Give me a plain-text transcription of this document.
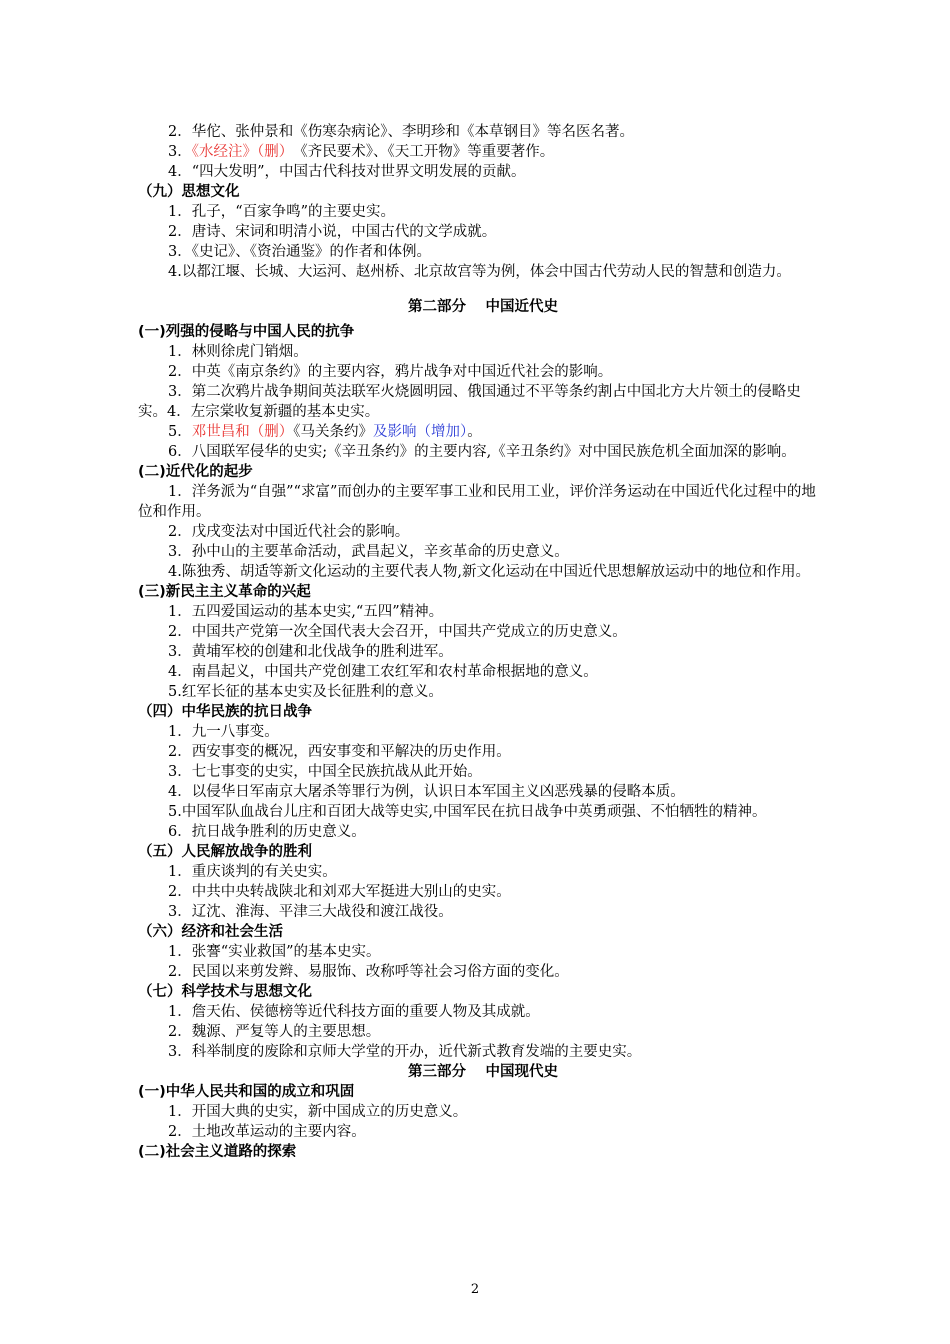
2．华佗、张仲景和《伤寒杂病论》、李明珍和《本草钢目》等名医名著。
3．《水经注》（删）　《齐民要术》、《天工开物》等重要著作。
4．“四大发明”，中国古代科技对世界文明发展的贡献。
（九）思想文化
1．孔子，“百家争鸣”的主要史实。
2．唐诗、宋词和明清小说，中国古代的文学成就。
3．《史记》、《资治通鉴》的作者和体例。
4.以都江堰、长城、大运河、赵州桥、北京故宫等为例，体会中国古代劳动人民的智慧和创造力。
第二部分　 中国近代史
(一)列强的侵略与中国人民的抗争
1．林则徐虎门销烟。
2．中英《南京条约》的主要内容，鸦片战争对中国近代社会的影响。
3．第二次鸦片战争期间英法联军火烧圆明园、俄国通过不平等条约割占中国北方大片领土的侵略史实。4．左宗棠收复新疆的基本史实。
5．邓世昌和（删）《马关条约》及影响（增加）。
6．八国联军侵华的史实;《辛丑条约》的主要内容,《辛丑条约》对中国民族危机全面加深的影响。
(二)近代化的起步
1．洋务派为“自强”“求富”而创办的主要军事工业和民用工业，评价洋务运动在中国近代化过程中的地位和作用。
2．戊戌变法对中国近代社会的影响。
3．孙中山的主要革命活动，武昌起义，辛亥革命的历史意义。
4.陈独秀、胡适等新文化运动的主要代表人物,新文化运动在中国近代思想解放运动中的地位和作用。
(三)新民主主义革命的兴起
1．五四爱国运动的基本史实,“五四”精神。
2．中国共产党第一次全国代表大会召开，中国共产党成立的历史意义。
3．黄埔军校的创建和北伐战争的胜利进军。
4．南昌起义，中国共产党创建工农红军和农村革命根据地的意义。
5.红军长征的基本史实及长征胜利的意义。
（四）中华民族的抗日战争
1．九一八事变。
2．西安事变的概况，西安事变和平解决的历史作用。
3．七七事变的史实，中国全民族抗战从此开始。
4．以侵华日军南京大屠杀等罪行为例，认识日本军国主义凶恶残暴的侵略本质。
5.中国军队血战台儿庄和百团大战等史实,中国军民在抗日战争中英勇顽强、不怕牺牲的精神。
6．抗日战争胜利的历史意义。
（五）人民解放战争的胜利
1．重庆谈判的有关史实。
2．中共中央转战陕北和刘邓大军挺进大别山的史实。
3．辽沈、淮海、平津三大战役和渡江战役。
（六）经济和社会生活
1．张謇“实业救国”的基本史实。
2．民国以来剪发辫、易服饰、改称呼等社会习俗方面的变化。
（七）科学技术与思想文化
1．詹天佑、侯德榜等近代科技方面的重要人物及其成就。
2．魏源、严复等人的主要思想。
3．科举制度的废除和京师大学堂的开办，近代新式教育发端的主要史实。
第三部分　 中国现代史
(一)中华人民共和国的成立和巩固
1．开国大典的史实，新中国成立的历史意义。
2．土地改革运动的主要内容。
(二)社会主义道路的探索
2
